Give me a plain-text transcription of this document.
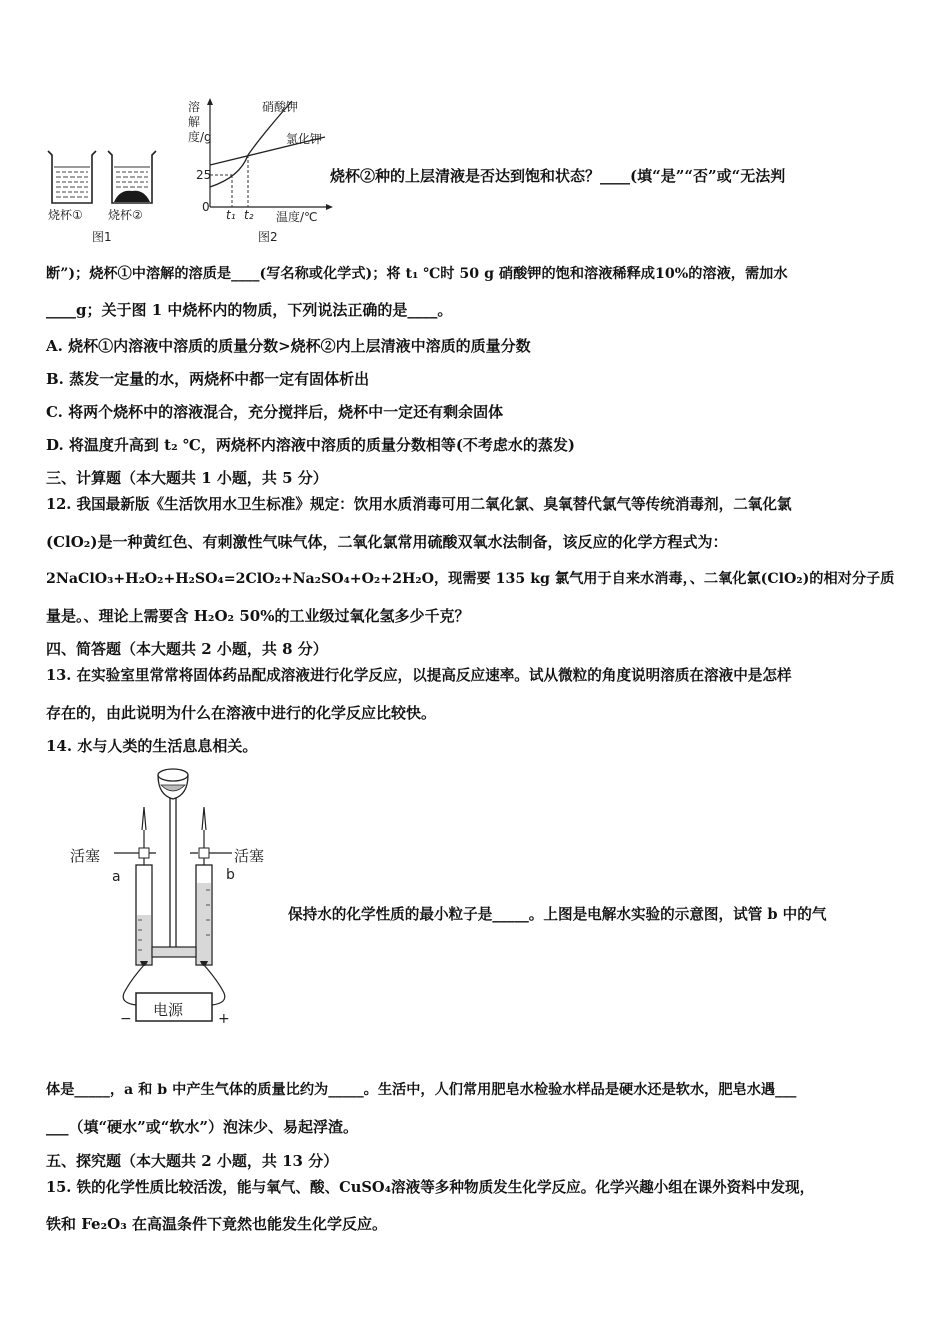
烧杯① 烧杯②
图1
溶解度/g
硝酸钾
氯化钾
25
0
t₁ t₂ 温度/℃
图2
烧杯②种的上层清液是否达到饱和状态？____(填“是”“否”或“无法判
断”)；烧杯①中溶解的溶质是____(写名称或化学式)；将 t₁ ℃时 50 g 硝酸钾的饱和溶液稀释成10%的溶液，需加水
____g；关于图 1 中烧杯内的物质，下列说法正确的是____。
A. 烧杯①内溶液中溶质的质量分数>烧杯②内上层清液中溶质的质量分数
B. 蒸发一定量的水，两烧杯中都一定有固体析出
C. 将两个烧杯中的溶液混合，充分搅拌后，烧杯中一定还有剩余固体
D. 将温度升高到 t₂ ℃，两烧杯内溶液中溶质的质量分数相等(不考虑水的蒸发)
三、计算题（本大题共 1 小题，共 5 分）
12. 我国最新版《生活饮用水卫生标准》规定：饮用水质消毒可用二氧化氯、臭氧替代氯气等传统消毒剂，二氧化氯
(ClO₂)是一种黄红色、有刺激性气味气体，二氧化氯常用硫酸双氧水法制备，该反应的化学方程式为：
2NaClO₃+H₂O₂+H₂SO₄=2ClO₂+Na₂SO₄+O₂+2H₂O，现需要 135 kg 氯气用于自来水消毒，、二氧化氯(ClO₂)的相对分子质
量是。、理论上需要含 H₂O₂ 50%的工业级过氧化氢多少千克？
四、简答题（本大题共 2 小题，共 8 分）
13. 在实验室里常常将固体药品配成溶液进行化学反应，以提高反应速率。试从微粒的角度说明溶质在溶液中是怎样
存在的，由此说明为什么在溶液中进行的化学反应比较快。
14. 水与人类的生活息息相关。
活塞	活塞
a	b
电源
−	+
保持水的化学性质的最小粒子是_____。上图是电解水实验的示意图，试管 b 中的气
体是_____，a 和 b 中产生气体的质量比约为_____。生活中，人们常用肥皂水检验水样品是硬水还是软水，肥皂水遇___
___（填“硬水”或“软水”）泡沫少、易起浮渣。
五、探究题（本大题共 2 小题，共 13 分）
15. 铁的化学性质比较活泼，能与氧气、酸、CuSO₄溶液等多种物质发生化学反应。化学兴趣小组在课外资料中发现，
铁和 Fe₂O₃ 在高温条件下竟然也能发生化学反应。
